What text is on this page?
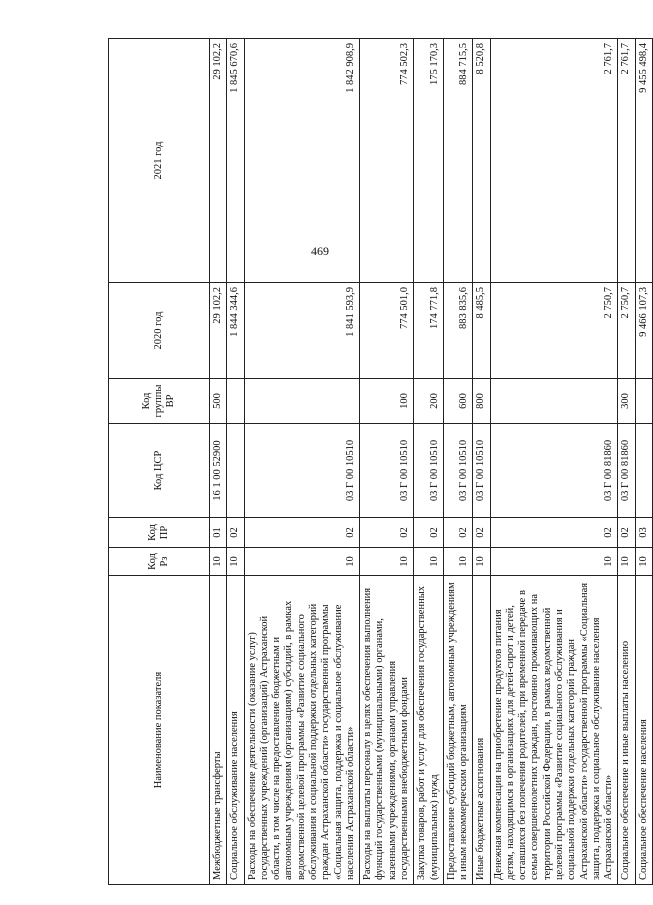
469
Наименование показателя	Код Рз	Код ПР	Код ЦСР	Код группы ВР	2020 год	2021 год
Межбюджетные трансферты	10	01	16 1 00 52900	500	29 102,2	29 102,2
Социальное обслуживание населения	10	02			1 844 344,6	1 845 670,6
Расходы на обеспечение деятельности (оказание услуг) государственных учреждений (организаций) Астраханской области, в том числе на предоставление бюджетным и автономным учреждениям (организациям) субсидий, в рамках ведомственной целевой программы «Развитие социального обслуживания и социальной поддержки отдельных категорий граждан Астраханской области» государственной программы «Социальная защита, поддержка и социальное обслуживание населения Астраханской области»	10	02	03 Г 00 10510		1 841 593,9	1 842 908,9
Расходы на выплаты персоналу в целях обеспечения выполнения функций государственными (муниципальными) органами, казенными учреждениями, органами управления государственными внебюджетными фондами	10	02	03 Г 00 10510	100	774 501,0	774 502,3
Закупка товаров, работ и услуг для обеспечения государственных (муниципальных) нужд	10	02	03 Г 00 10510	200	174 771,8	175 170,3
Предоставление субсидий бюджетным, автономным учреждениям и иным некоммерческим организациям	10	02	03 Г 00 10510	600	883 835,6	884 715,5
Иные бюджетные ассигнования	10	02	03 Г 00 10510	800	8 485,5	8 520,8
Денежная компенсация на приобретение продуктов питания детям, находящимся в организациях для детей-сирот и детей, оставшихся без попечения родителей, при временной передаче в семьи совершеннолетних граждан, постоянно проживающих на территории Российской Федерации, в рамках ведомственной целевой программы «Развитие социального обслуживания и социальной поддержки отдельных категорий граждан Астраханской области» государственной программы «Социальная защита, поддержка и социальное обслуживание населения Астраханской области»	10	02	03 Г 00 81860		2 750,7	2 761,7
Социальное обеспечение и иные выплаты населению	10	02	03 Г 00 81860	300	2 750,7	2 761,7
Социальное обеспечение населения	10	03			9 466 107,3	9 455 498,4
